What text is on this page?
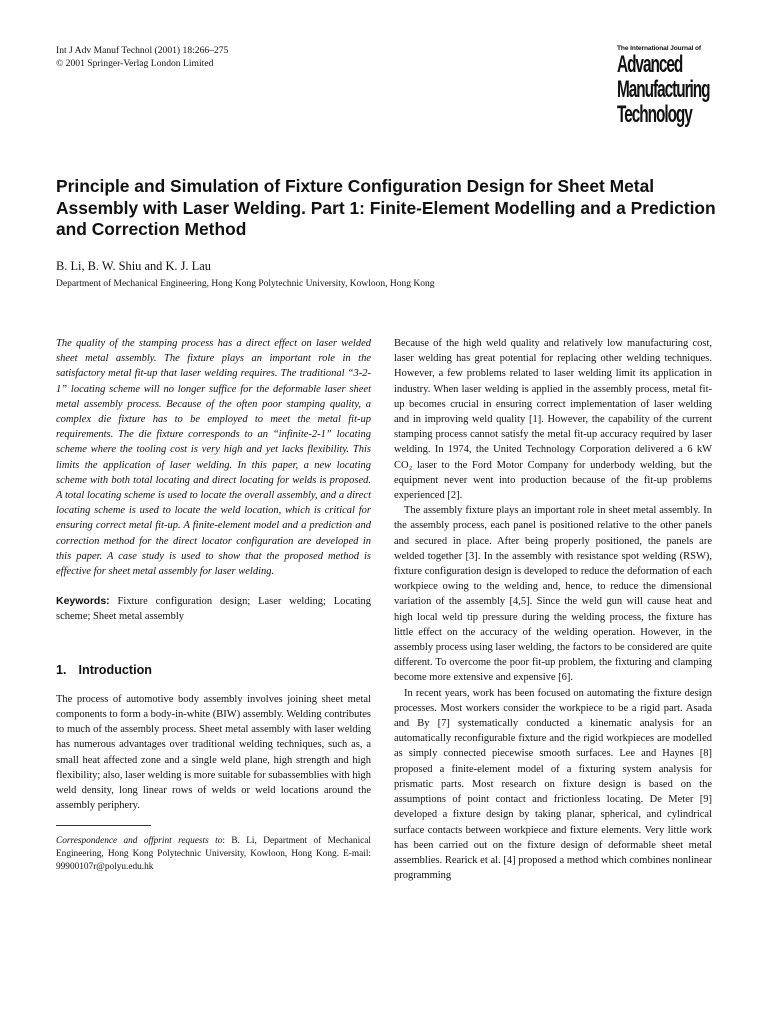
Int J Adv Manuf Technol (2001) 18:266–275
© 2001 Springer-Verlag London Limited
The International Journal of
Advanced
Manufacturing
Technology
Principle and Simulation of Fixture Configuration Design for Sheet Metal Assembly with Laser Welding. Part 1: Finite-Element Modelling and a Prediction and Correction Method
B. Li, B. W. Shiu and K. J. Lau
Department of Mechanical Engineering, Hong Kong Polytechnic University, Kowloon, Hong Kong

The quality of the stamping process has a direct effect on laser welded sheet metal assembly. The fixture plays an important role in the satisfactory metal fit-up that laser welding requires. The traditional “3-2-1” locating scheme will no longer suffice for the deformable laser sheet metal assembly process. Because of the often poor stamping quality, a complex die fixture has to be employed to meet the metal fit-up requirements. The die fixture corresponds to an “infinite-2-1” locating scheme where the tooling cost is very high and yet lacks flexibility. This limits the application of laser welding. In this paper, a new locating scheme with both total locating and direct locating for welds is proposed. A total locating scheme is used to locate the overall assembly, and a direct locating scheme is used to locate the weld location, which is critical for ensuring correct metal fit-up. A finite-element model and a prediction and correction method for the direct locator configuration are developed in this paper. A case study is used to show that the proposed method is effective for sheet metal assembly for laser welding.

Keywords: Fixture configuration design; Laser welding; Locating scheme; Sheet metal assembly

1. Introduction

The process of automotive body assembly involves joining sheet metal components to form a body-in-white (BIW) assembly. Welding contributes to much of the assembly process. Sheet metal assembly with laser welding has numerous advantages over traditional welding techniques, such as, a small heat affected zone and a single weld plane, high strength and high flexibility; also, laser welding is more suitable for subassemblies with high weld density, long linear rows of welds or weld locations around the assembly periphery.

Correspondence and offprint requests to: B. Li, Department of Mechanical Engineering, Hong Kong Polytechnic University, Kowloon, Hong Kong. E-mail: 99900107r@polyu.edu.hk

Because of the high weld quality and relatively low manufacturing cost, laser welding has great potential for replacing other welding techniques. However, a few problems related to laser welding limit its application in industry. When laser welding is applied in the assembly process, metal fit-up becomes crucial in ensuring correct implementation of laser welding and in improving weld quality [1]. However, the capability of the current stamping process cannot satisfy the metal fit-up accuracy required by laser welding. In 1974, the United Technology Corporation delivered a 6 kW CO₂ laser to the Ford Motor Company for underbody welding, but the equipment never went into production because of the fit-up problems experienced [2].

The assembly fixture plays an important role in sheet metal assembly. In the assembly process, each panel is positioned relative to the other panels and secured in place. After being properly positioned, the panels are welded together [3]. In the assembly with resistance spot welding (RSW), fixture configuration design is developed to reduce the deformation of each workpiece owing to the welding and, hence, to reduce the dimensional variation of the assembly [4,5]. Since the weld gun will cause heat and high local weld tip pressure during the welding process, the fixture has little effect on the accuracy of the welding operation. However, in the assembly process using laser welding, the factors to be considered are quite different. To overcome the poor fit-up problem, the fixturing and clamping become more extensive and expensive [6].

In recent years, work has been focused on automating the fixture design processes. Most workers consider the workpiece to be a rigid part. Asada and By [7] systematically conducted a kinematic analysis for an automatically reconfigurable fixture and the rigid workpieces are modelled as simply connected piecewise smooth surfaces. Lee and Haynes [8] proposed a finite-element model of a fixturing system analysis for prismatic parts. Most research on fixture design is based on the assumptions of point contact and frictionless locating. De Meter [9] developed a fixture design by taking planar, spherical, and cylindrical surface contacts between workpiece and fixture elements. Very little work has been carried out on the fixture design of deformable sheet metal assemblies. Rearick et al. [4] proposed a method which combines nonlinear programming
